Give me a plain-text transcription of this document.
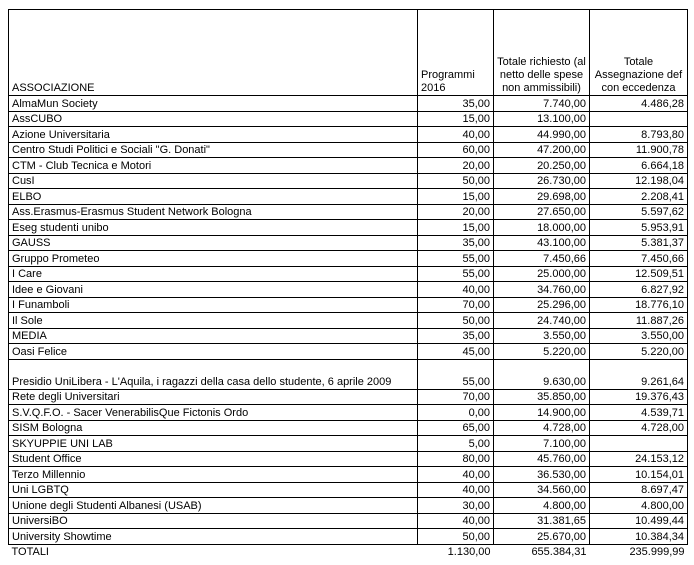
ASSOCIAZIONE	Programmi 2016	Totale richiesto (al netto delle spese non ammissibili)	Totale Assegnazione def con eccedenza
AlmaMun Society	35,00	7.740,00	4.486,28
AssCUBO	15,00	13.100,00	
Azione Universitaria	40,00	44.990,00	8.793,80
Centro Studi Politici e Sociali "G. Donati"	60,00	47.200,00	11.900,78
CTM - Club Tecnica e Motori	20,00	20.250,00	6.664,18
CusI	50,00	26.730,00	12.198,04
ELBO	15,00	29.698,00	2.208,41
Ass.Erasmus-Erasmus Student Network Bologna	20,00	27.650,00	5.597,62
Eseg studenti unibo	15,00	18.000,00	5.953,91
GAUSS	35,00	43.100,00	5.381,37
Gruppo Prometeo	55,00	7.450,66	7.450,66
I Care	55,00	25.000,00	12.509,51
Idee e Giovani	40,00	34.760,00	6.827,92
I Funamboli	70,00	25.296,00	18.776,10
Il Sole	50,00	24.740,00	11.887,26
MEDIA	35,00	3.550,00	3.550,00
Oasi Felice	45,00	5.220,00	5.220,00
Presidio UniLibera - L'Aquila, i ragazzi della casa dello studente, 6 aprile 2009	55,00	9.630,00	9.261,64
Rete degli Universitari	70,00	35.850,00	19.376,43
S.V.Q.F.O. - Sacer VenerabilisQue Fictonis Ordo	0,00	14.900,00	4.539,71
SISM Bologna	65,00	4.728,00	4.728,00
SKYUPPIE UNI LAB	5,00	7.100,00	
Student Office	80,00	45.760,00	24.153,12
Terzo Millennio	40,00	36.530,00	10.154,01
Uni LGBTQ	40,00	34.560,00	8.697,47
Unione degli Studenti Albanesi (USAB)	30,00	4.800,00	4.800,00
UniversiBO	40,00	31.381,65	10.499,44
University Showtime	50,00	25.670,00	10.384,34
TOTALI	1.130,00	655.384,31	235.999,99
